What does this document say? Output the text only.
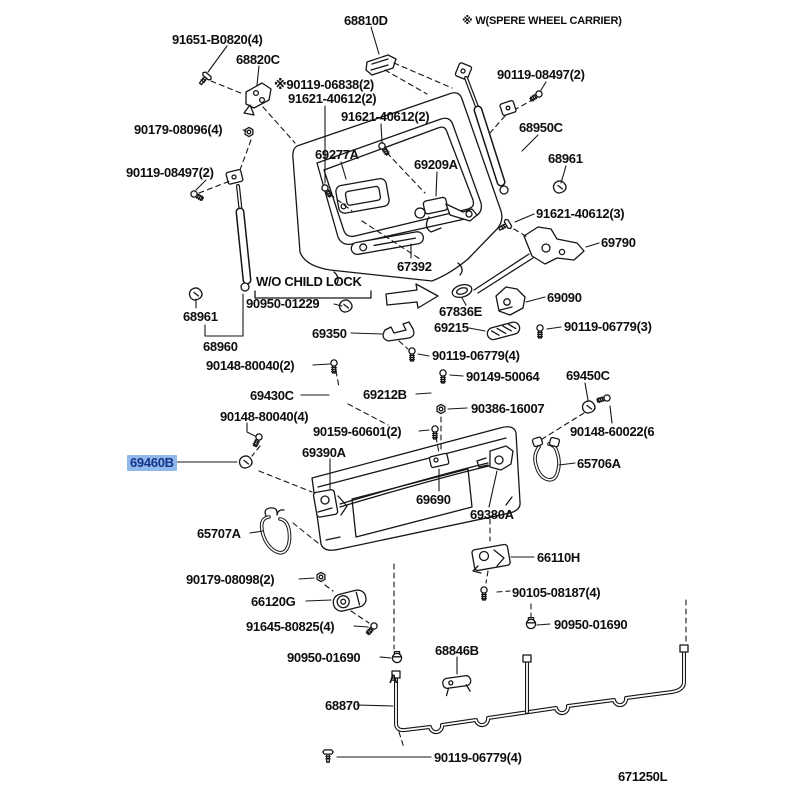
68810D	※ W(SPERE WHEEL CARRIER)
91651-B0820(4)
68820C
※90119-06838(2)
91621-40612(2)
90119-08497(2)
91621-40612(2)
68950C
90179-08096(4)
69277A	68961
69209A
90119-08497(2)
91621-40612(3)
69790
67392
W/O CHILD LOCK
90950-01229
68961
69090
67836E
69215
69350	90119-06779(3)
68960
90148-80040(2)
90119-06779(4)
90149-50064 69450C
69430C	69212B
90386-16007
90148-80040(4)
90159-60601(2)	90148-60022(6
69460B
69390A
65706A
69690
69380A
65707A
66110H
90179-08098(2)
66120G
90105-08187(4)
91645-80825(4)	90950-01690
90950-01690	68846B
68870
90119-06779(4)
A
671250L
